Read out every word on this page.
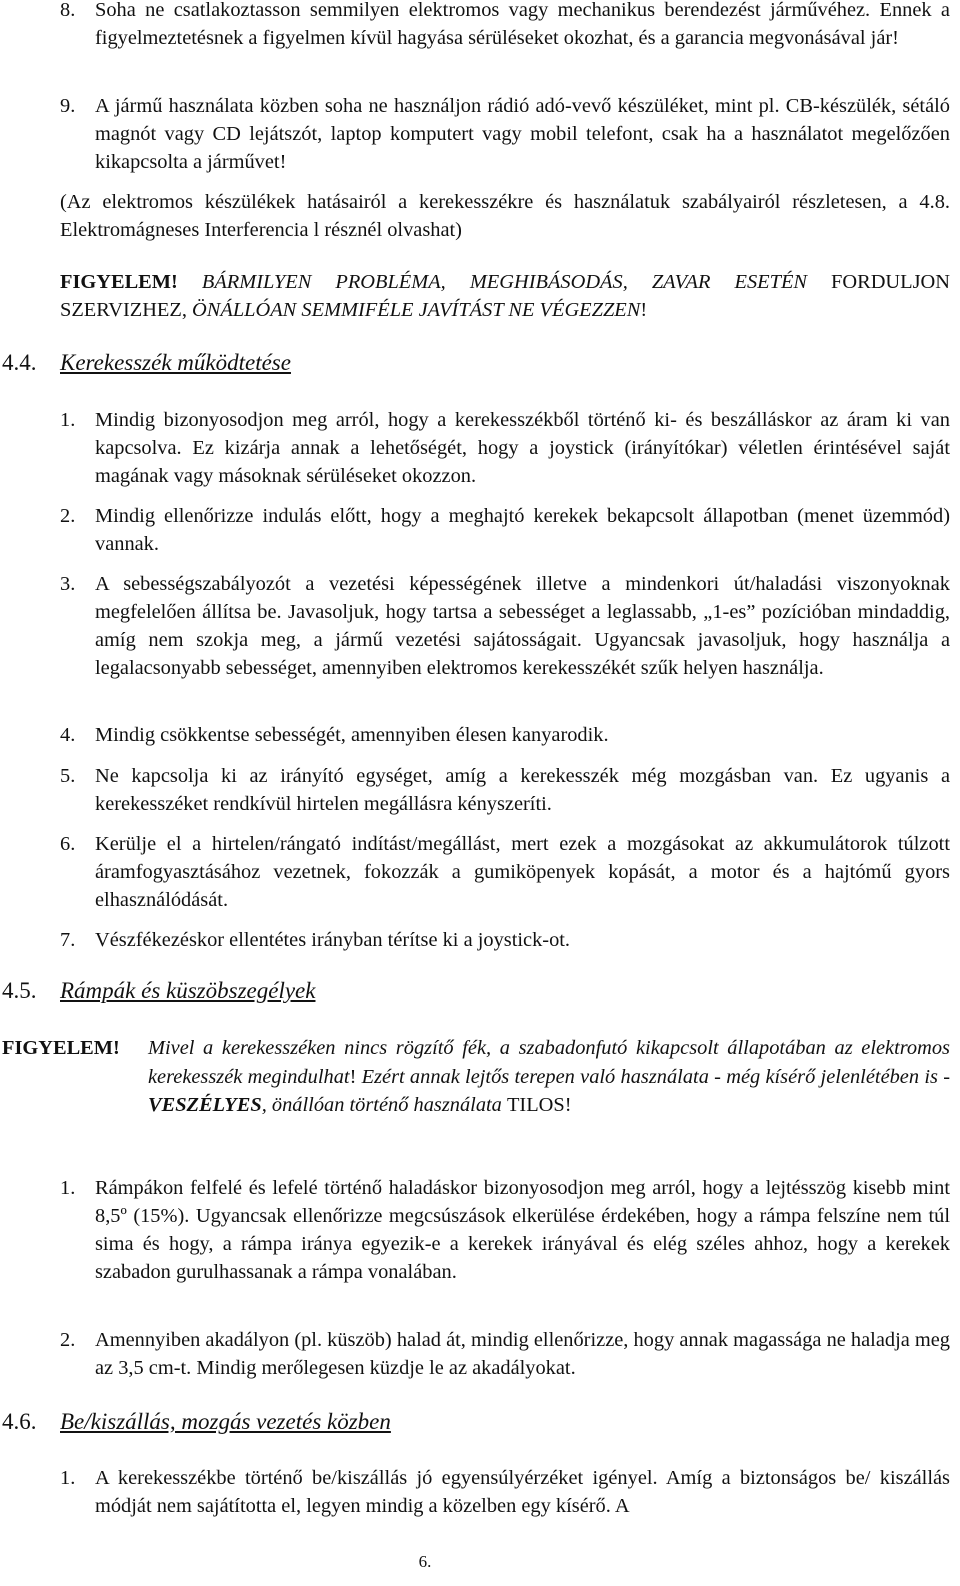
8. Soha ne csatlakoztasson semmilyen elektromos vagy mechanikus berendezést járművéhez. Ennek a figyelmeztetésnek a figyelmen kívül hagyása sérüléseket okozhat, és a garancia megvonásával jár!
9. A jármű használata közben soha ne használjon rádió adó-vevő készüléket, mint pl. CB-készülék, sétáló magnót vagy CD lejátszót, laptop komputert vagy mobil telefont, csak ha a használatot megelőzően kikapcsolta a járművet!
(Az elektromos készülékek hatásairól a kerekesszékre és használatuk szabályairól részletesen, a 4.8. Elektromágneses Interferencia l résznél olvashat)
FIGYELEM! BÁRMILYEN PROBLÉMA, MEGHIBÁSODÁS, ZAVAR ESETÉN FORDULJON SZERVIZHEZ, ÖNÁLLÓAN SEMMIFÉLE JAVÍTÁST NE VÉGEZZEN!
4.4. Kerekesszék működtetése
1. Mindig bizonyosodjon meg arról, hogy a kerekesszékből történő ki- és beszálláskor az áram ki van kapcsolva. Ez kizárja annak a lehetőségét, hogy a joystick (irányítókar) véletlen érintésével saját magának vagy másoknak sérüléseket okozzon.
2. Mindig ellenőrizze indulás előtt, hogy a meghajtó kerekek bekapcsolt állapotban (menet üzemmód) vannak.
3. A sebességszabályozót a vezetési képességének illetve a mindenkori út/haladási viszonyoknak megfelelően állítsa be. Javasoljuk, hogy tartsa a sebességet a leglassabb, „1-es” pozícióban mindaddig, amíg nem szokja meg, a jármű vezetési sajátosságait. Ugyancsak javasoljuk, hogy használja a legalacsonyabb sebességet, amennyiben elektromos kerekesszékét szűk helyen használja.
4. Mindig csökkentse sebességét, amennyiben élesen kanyarodik.
5. Ne kapcsolja ki az irányító egységet, amíg a kerekesszék még mozgásban van. Ez ugyanis a kerekesszéket rendkívül hirtelen megállásra kényszeríti.
6. Kerülje el a hirtelen/rángató indítást/megállást, mert ezek a mozgásokat az akkumulátorok túlzott áramfogyasztásához vezetnek, fokozzák a gumiköpenyek kopását, a motor és a hajtómű gyors elhasználódását.
7. Vészfékezéskor ellentétes irányban térítse ki a joystick-ot.
4.5. Rámpák és küszöbszegélyek
FIGYELEM! Mivel a kerekesszéken nincs rögzítő fék, a szabadonfutó kikapcsolt állapotában az elektromos kerekesszék megindulhat! Ezért annak lejtős terepen való használata - még kísérő jelenlétében is - VESZÉLYES, önállóan történő használata TILOS!
1. Rámpákon felfelé és lefelé történő haladáskor bizonyosodjon meg arról, hogy a lejtésszög kisebb mint 8,5º (15%). Ugyancsak ellenőrizze megcsúszások elkerülése érdekében, hogy a rámpa felszíne nem túl sima és hogy, a rámpa iránya egyezik-e a kerekek irányával és elég széles ahhoz, hogy a kerekek szabadon gurulhassanak a rámpa vonalában.
2. Amennyiben akadályon (pl. küszöb) halad át, mindig ellenőrizze, hogy annak magassága ne haladja meg az 3,5 cm-t. Mindig merőlegesen küzdje le az akadályokat.
4.6. Be/kiszállás, mozgás vezetés közben
1. A kerekesszékbe történő be/kiszállás jó egyensúlyérzéket igényel. Amíg a biztonságos be/ kiszállás módját nem sajátította el, legyen mindig a közelben egy kísérő. A
6.
